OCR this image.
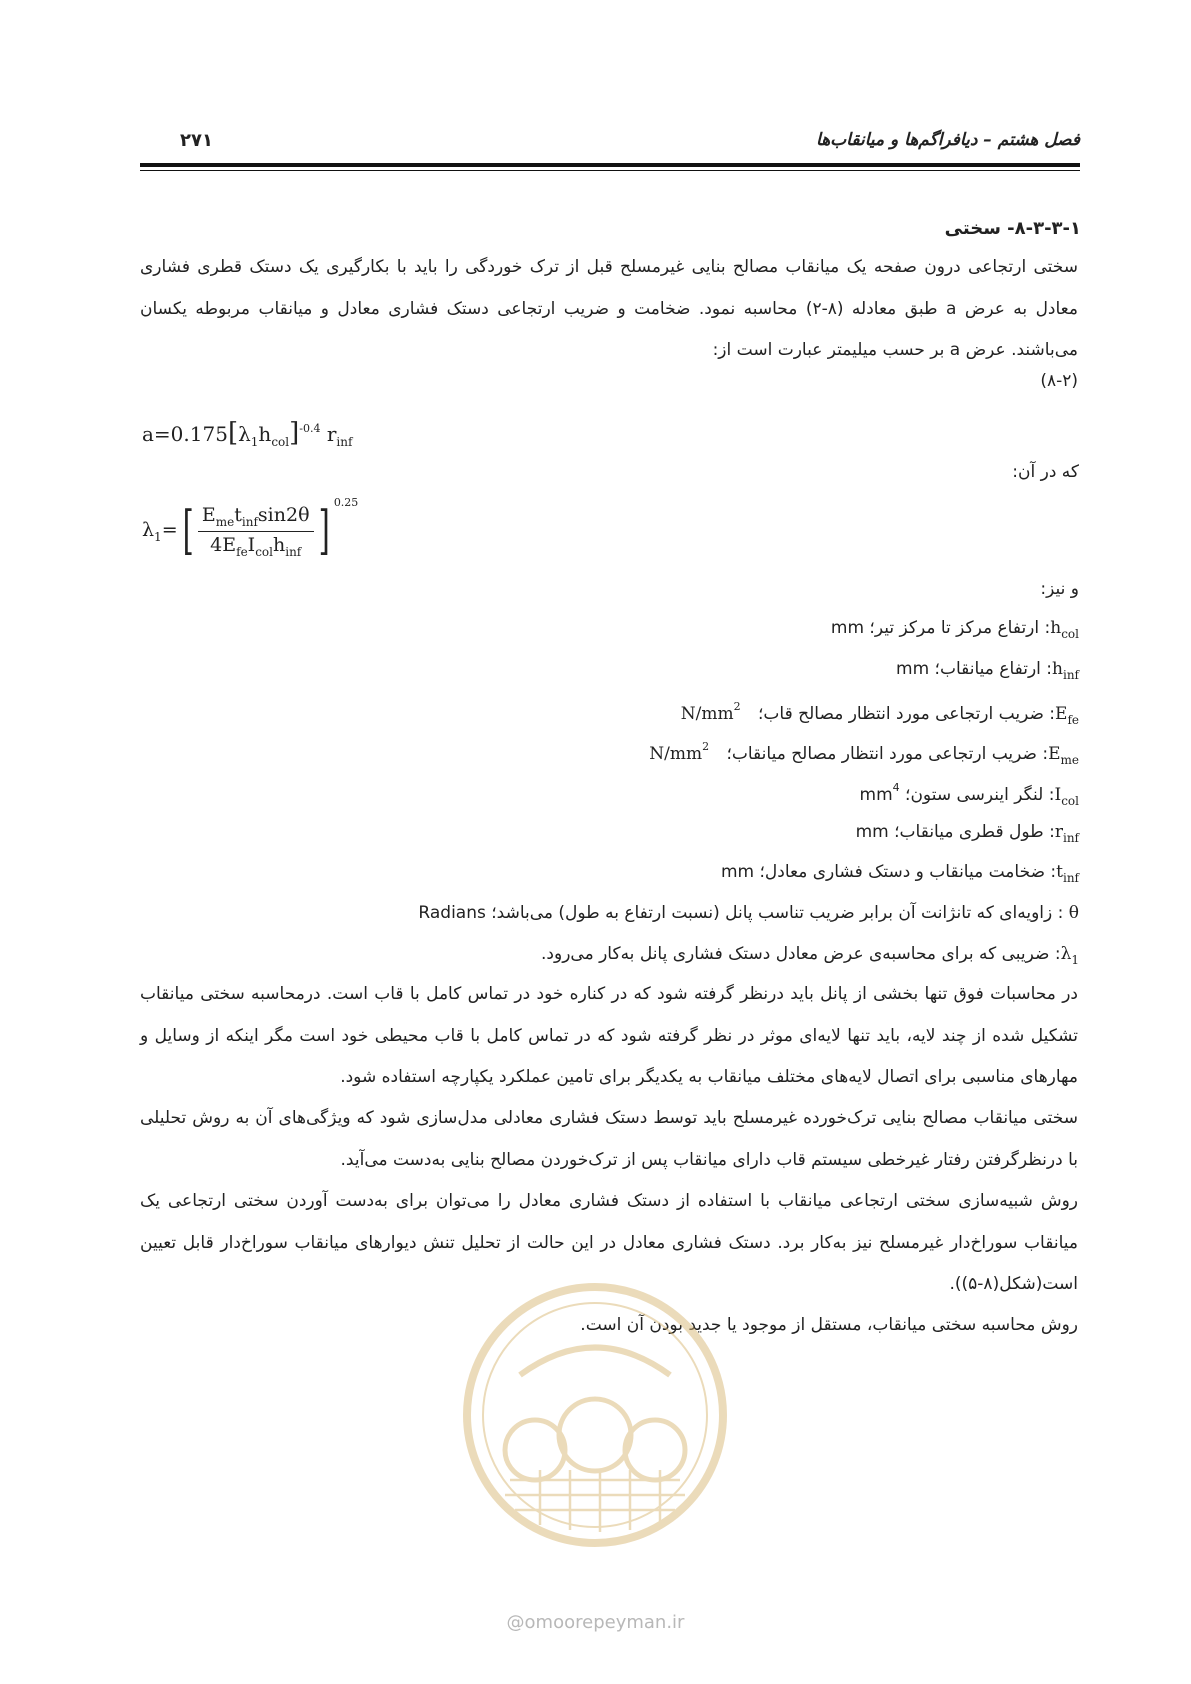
فصل هشتم – دیافراگم‌ها و میانقاب‌ها
۲۷۱
۸-۳-۳-۱- سختی
سختی ارتجاعی درون صفحه یک میانقاب مصالح بنایی غیرمسلح قبل از ترک خوردگی را باید با بکارگیری یک دستک قطری فشاری معادل به عرض a طبق معادله (۸-۲) محاسبه نمود. ضخامت و ضریب ارتجاعی دستک فشاری معادل و میانقاب مربوطه یکسان می‌باشند. عرض a بر حسب میلیمتر عبارت است از:
(۸-۲)
$a=0.175[\lambda_1h_{col}]^{-0.4}$ $r_{inf}$
که در آن:
$\lambda_1=[ \frac{E_{me}t_{inf}\sin 2\theta}{4E_{fe}I_{col}h_{inf}}$ ] $^{0.25}$
و نیز:
$h_{col}$: ارتفاع مرکز تا مرکز تیر؛ mm
$h_{inf}$: ارتفاع میانقاب؛ mm
$E_{fe}$: ضریب ارتجاعی مورد انتظار مصالح قاب؛ $N/mm^2$
$E_{me}$: ضریب ارتجاعی مورد انتظار مصالح میانقاب؛ $N/mm^2$
$I_{col}$: لنگر اینرسی ستون؛ $mm^4$
$r_{inf}$: طول قطری میانقاب؛ mm
$t_{inf}$: ضخامت میانقاب و دستک فشاری معادل؛ mm
θ : زاویه‌ای که تانژانت آن برابر ضریب تناسب پانل (نسبت ارتفاع به طول) می‌باشد؛ Radians
$\lambda_1$: ضریبی که برای محاسبه‌ی عرض معادل دستک فشاری پانل به‌کار می‌رود.
در محاسبات فوق تنها بخشی از پانل باید درنظر گرفته شود که در کناره خود در تماس کامل با قاب است. درمحاسبه سختی میانقاب تشکیل شده از چند لایه، باید تنها لایه‌ای موثر در نظر گرفته شود که در تماس کامل با قاب محیطی خود است مگر اینکه از وسایل و مهارهای مناسبی برای اتصال لایه‌های مختلف میانقاب به یکدیگر برای تامین عملکرد یکپارچه استفاده شود.
سختی میانقاب مصالح بنایی ترک‌خورده غیرمسلح باید توسط دستک فشاری معادلی مدل‌سازی شود که ویژگی‌های آن به روش تحلیلی با درنظرگرفتن رفتار غیرخطی سیستم قاب دارای میانقاب پس از ترک‌خوردن مصالح بنایی به‌دست می‌آید.
روش شبیه‌سازی سختی ارتجاعی میانقاب با استفاده از دستک فشاری معادل را می‌توان برای به‌دست آوردن سختی ارتجاعی یک میانقاب سوراخ‌دار غیرمسلح نیز به‌کار برد. دستک فشاری معادل در این حالت از تحلیل تنش دیوارهای میانقاب سوراخ‌دار قابل تعیین است(شکل(۸-۵)).
روش محاسبه سختی میانقاب، مستقل از موجود یا جدید بودن آن است.
@omoorepeyman.ir
